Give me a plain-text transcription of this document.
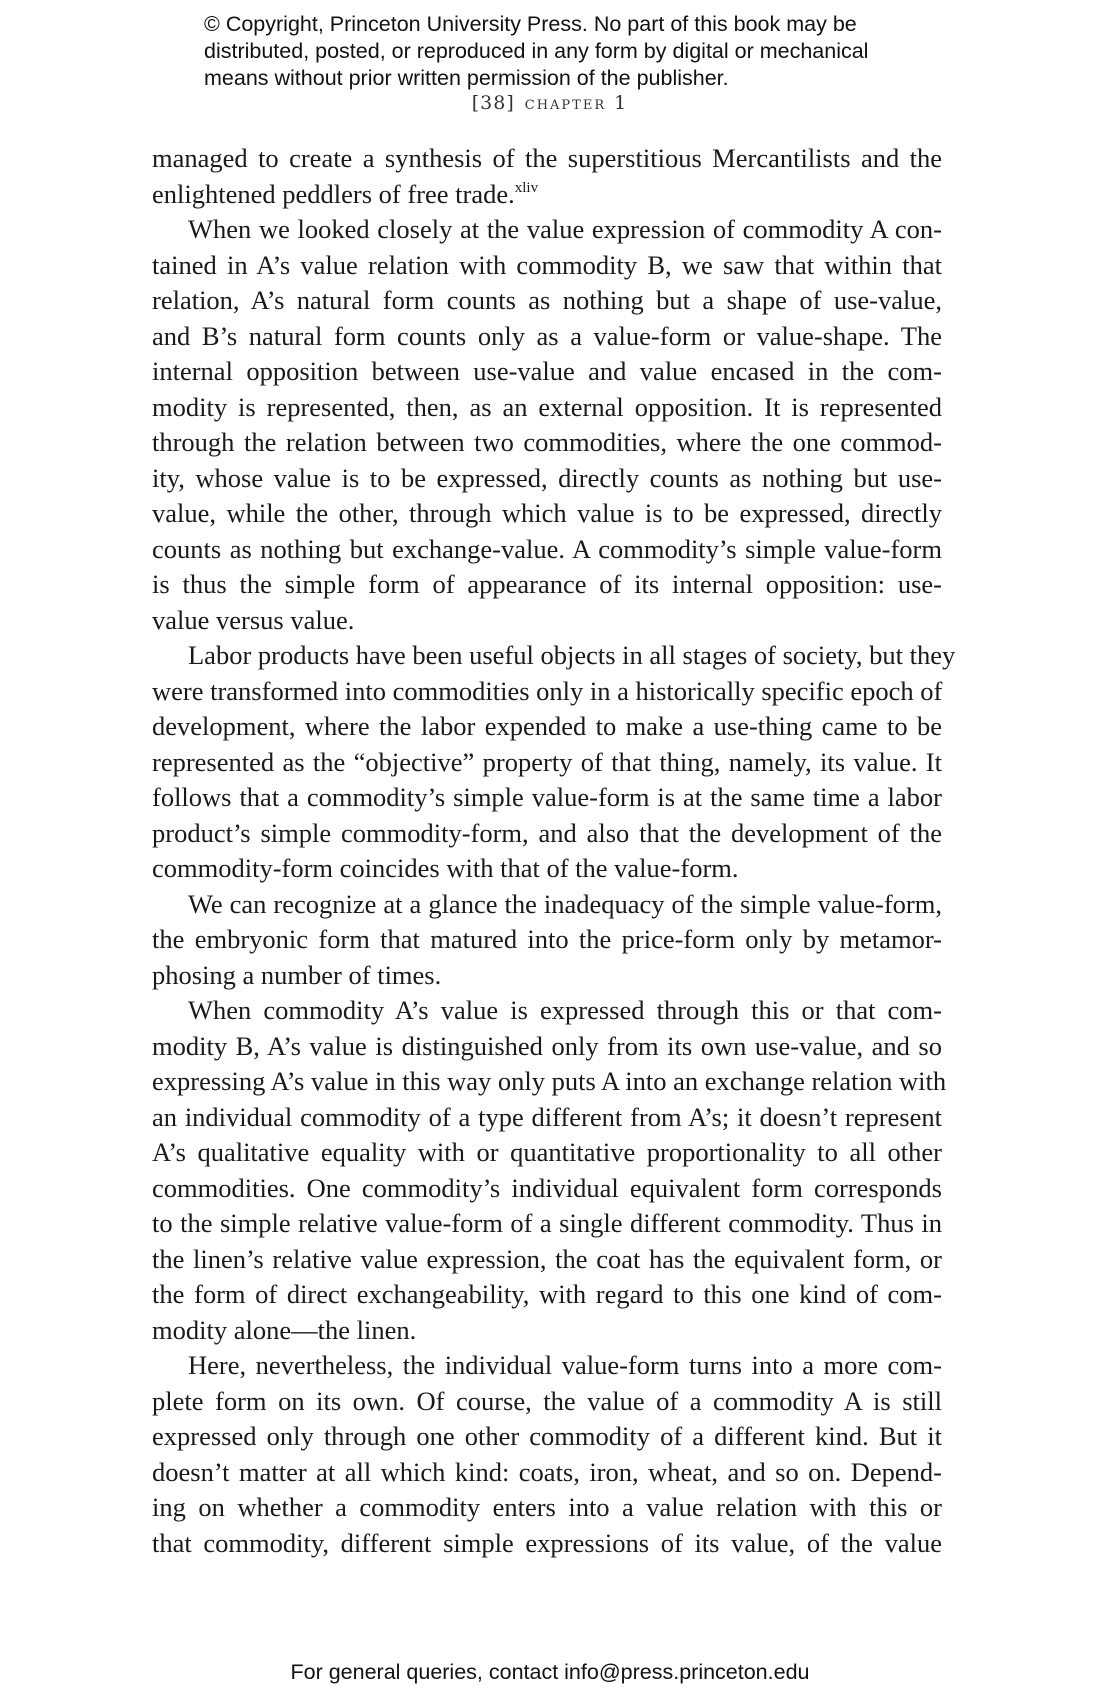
© Copyright, Princeton University Press. No part of this book may be
distributed, posted, or reproduced in any form by digital or mechanical
means without prior written permission of the publisher.
[38] chapter 1
managed to create a synthesis of the superstitious Mercantilists and the
enlightened peddlers of free trade.$^{xliv}$
When we looked closely at the value expression of commodity A con-
tained in A’s value relation with commodity B, we saw that within that
relation, A’s natural form counts as nothing but a shape of use-value,
and B’s natural form counts only as a value-form or value-shape. The
internal opposition between use-value and value encased in the com-
modity is represented, then, as an external opposition. It is represented
through the relation between two commodities, where the one commod-
ity, whose value is to be expressed, directly counts as nothing but use-
value, while the other, through which value is to be expressed, directly
counts as nothing but exchange-value. A commodity’s simple value-form
is thus the simple form of appearance of its internal opposition: use-
value versus value.
Labor products have been useful objects in all stages of society, but they
were transformed into commodities only in a historically specific epoch of
development, where the labor expended to make a use-thing came to be
represented as the “objective” property of that thing, namely, its value. It
follows that a commodity’s simple value-form is at the same time a labor
product’s simple commodity-form, and also that the development of the
commodity-form coincides with that of the value-form.
We can recognize at a glance the inadequacy of the simple value-form,
the embryonic form that matured into the price-form only by metamor-
phosing a number of times.
When commodity A’s value is expressed through this or that com-
modity B, A’s value is distinguished only from its own use-value, and so
expressing A’s value in this way only puts A into an exchange relation with
an individual commodity of a type different from A’s; it doesn’t represent
A’s qualitative equality with or quantitative proportionality to all other
commodities. One commodity’s individual equivalent form corresponds
to the simple relative value-form of a single different commodity. Thus in
the linen’s relative value expression, the coat has the equivalent form, or
the form of direct exchangeability, with regard to this one kind of com-
modity alone—the linen.
Here, nevertheless, the individual value-form turns into a more com-
plete form on its own. Of course, the value of a commodity A is still
expressed only through one other commodity of a different kind. But it
doesn’t matter at all which kind: coats, iron, wheat, and so on. Depend-
ing on whether a commodity enters into a value relation with this or
that commodity, different simple expressions of its value, of the value
For general queries, contact info@press.princeton.edu
